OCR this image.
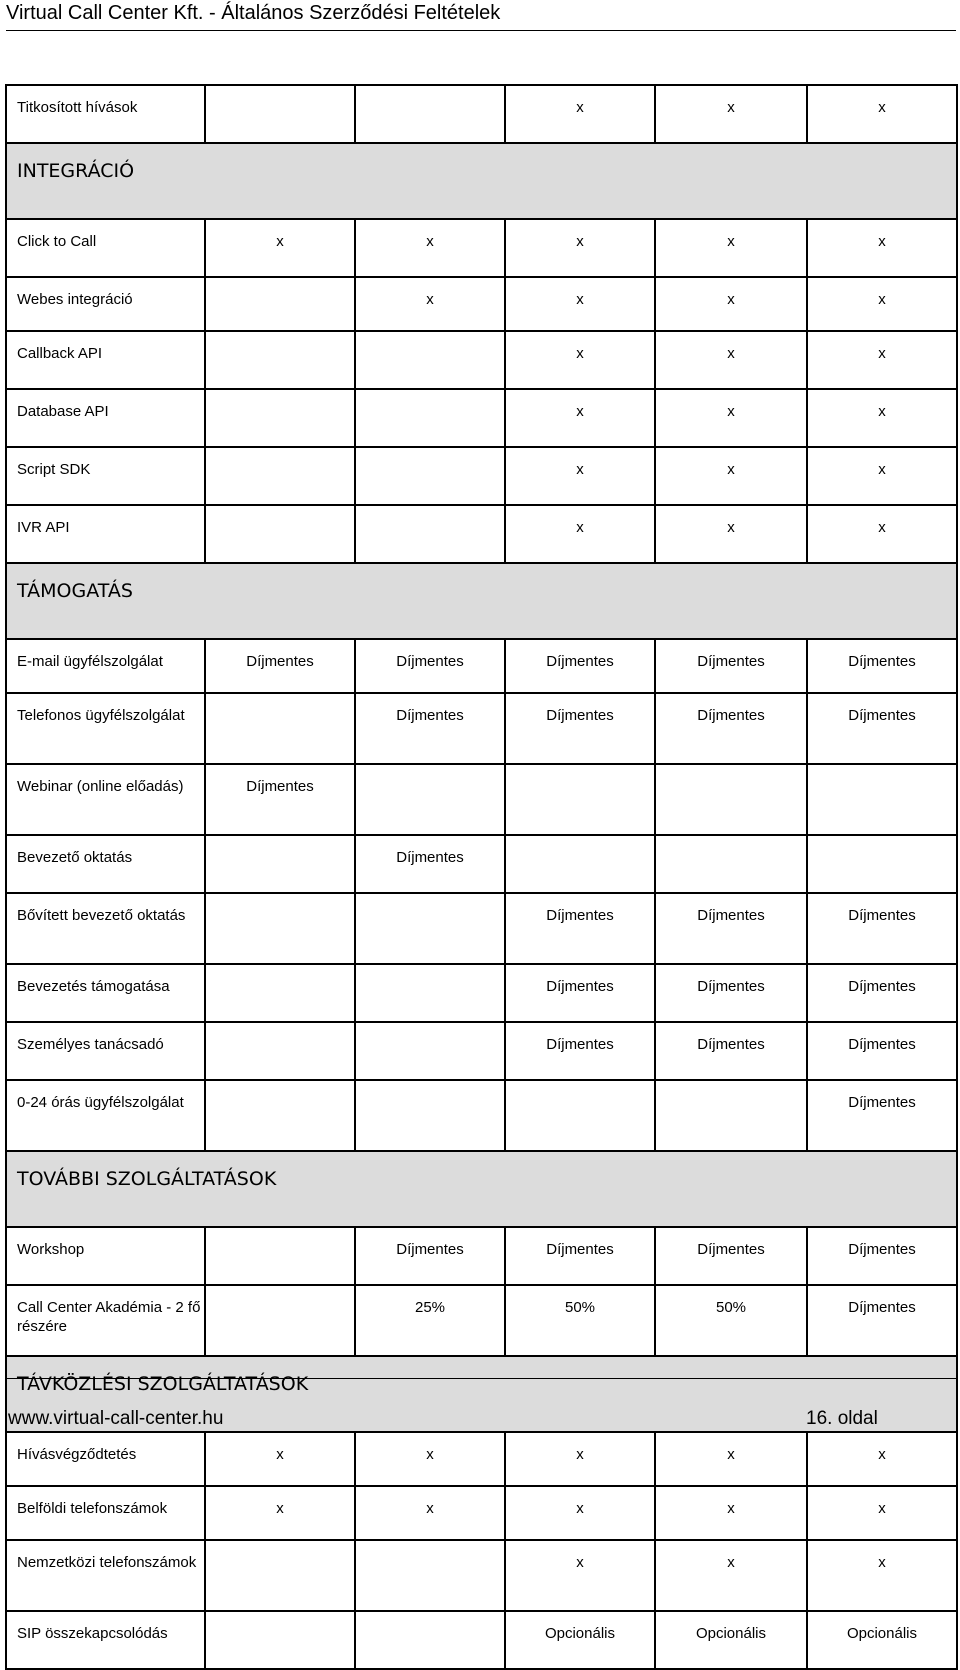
Virtual Call Center Kft. - Általános Szerződési Feltételek
Titkosított hívások			x	x	x
INTEGRÁCIÓ					
Click to Call	x	x	x	x	x
Webes integráció		x	x	x	x
Callback API			x	x	x
Database API			x	x	x
Script SDK			x	x	x
IVR API			x	x	x
TÁMOGATÁS					
E-mail ügyfélszolgálat	Díjmentes	Díjmentes	Díjmentes	Díjmentes	Díjmentes
Telefonos ügyfélszolgálat		Díjmentes	Díjmentes	Díjmentes	Díjmentes
Webinar (online előadás)	Díjmentes				
Bevezető oktatás		Díjmentes			
Bővített bevezető oktatás			Díjmentes	Díjmentes	Díjmentes
Bevezetés támogatása			Díjmentes	Díjmentes	Díjmentes
Személyes tanácsadó			Díjmentes	Díjmentes	Díjmentes
0-24 órás ügyfélszolgálat					Díjmentes
TOVÁBBI SZOLGÁLTATÁSOK					
Workshop		Díjmentes	Díjmentes	Díjmentes	Díjmentes
Call Center Akadémia - 2 fő részére		25%	50%	50%	Díjmentes
TÁVKÖZLÉSI SZOLGÁLTATÁSOK					
Hívásvégződtetés	x	x	x	x	x
Belföldi telefonszámok	x	x	x	x	x
Nemzetközi telefonszámok			x	x	x
SIP összekapcsolódás			Opcionális	Opcionális	Opcionális
www.virtual-call-center.hu	16. oldal
